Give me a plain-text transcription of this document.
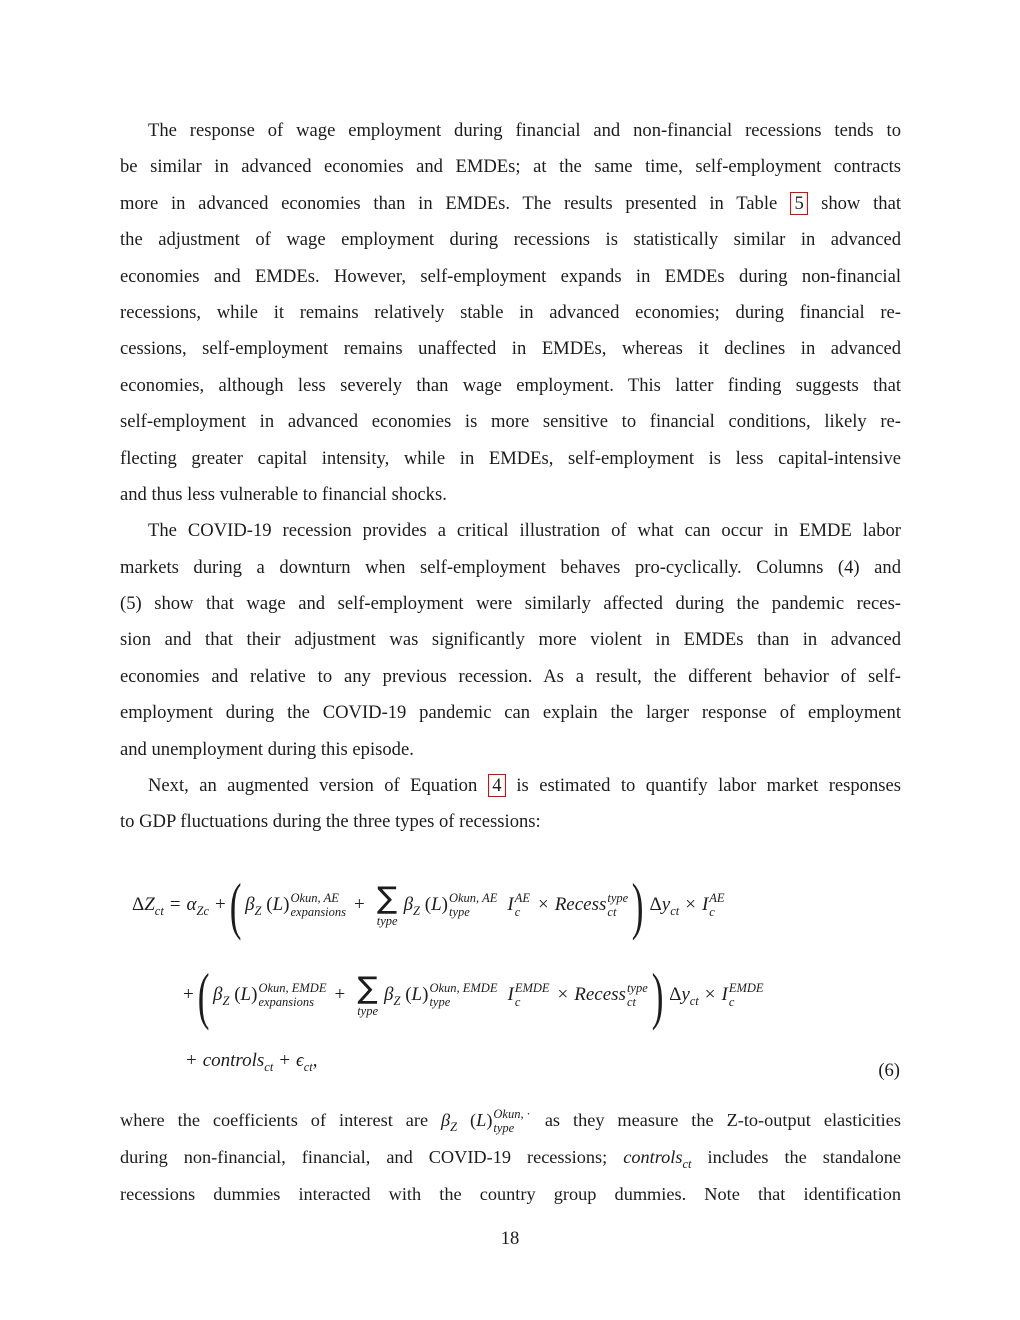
The response of wage employment during financial and non-financial recessions tends to
be similar in advanced economies and EMDEs; at the same time, self-employment contracts
more in advanced economies than in EMDEs. The results presented in Table 5 show that
the adjustment of wage employment during recessions is statistically similar in advanced
economies and EMDEs. However, self-employment expands in EMDEs during non-financial
recessions, while it remains relatively stable in advanced economies; during financial re-
cessions, self-employment remains unaffected in EMDEs, whereas it declines in advanced
economies, although less severely than wage employment. This latter finding suggests that
self-employment in advanced economies is more sensitive to financial conditions, likely re-
flecting greater capital intensity, while in EMDEs, self-employment is less capital-intensive
and thus less vulnerable to financial shocks.
The COVID-19 recession provides a critical illustration of what can occur in EMDE labor
markets during a downturn when self-employment behaves pro-cyclically. Columns (4) and
(5) show that wage and self-employment were similarly affected during the pandemic reces-
sion and that their adjustment was significantly more violent in EMDEs than in advanced
economies and relative to any previous recession. As a result, the different behavior of self-
employment during the COVID-19 pandemic can explain the larger response of employment
and unemployment during this episode.
Next, an augmented version of Equation 4 is estimated to quantify labor market responses
to GDP fluctuations during the three types of recessions:
$\Delta Z_{ct} = \alpha_{Zc}$ +( $\beta_Z$ (L) Okun, AE
expansions + ∑
type
$\beta_Z$ (L) Okun, AE
type	I AE
c × Recess type
ct ) $\Delta y_{ct} \times I$ AE
c
+( $\beta_Z$ (L) Okun, EMDE
expansions	+ ∑
type
$\beta_Z$ (L) Okun, EMDE
type	I EMDE
c	× Recess type
ct ) $\Delta y_{ct} \times I$ EMDE
c
+ controls$_{ct}$ + $\epsilon_{ct}$,	(6)
where the coefficients of interest are $\beta_Z$ (L) Okun, ·
type as they measure the Z-to-output elasticities
during non-financial, financial, and COVID-19 recessions; controls$_{ct}$ includes the standalone
recessions dummies interacted with the country group dummies. Note that identification
18
